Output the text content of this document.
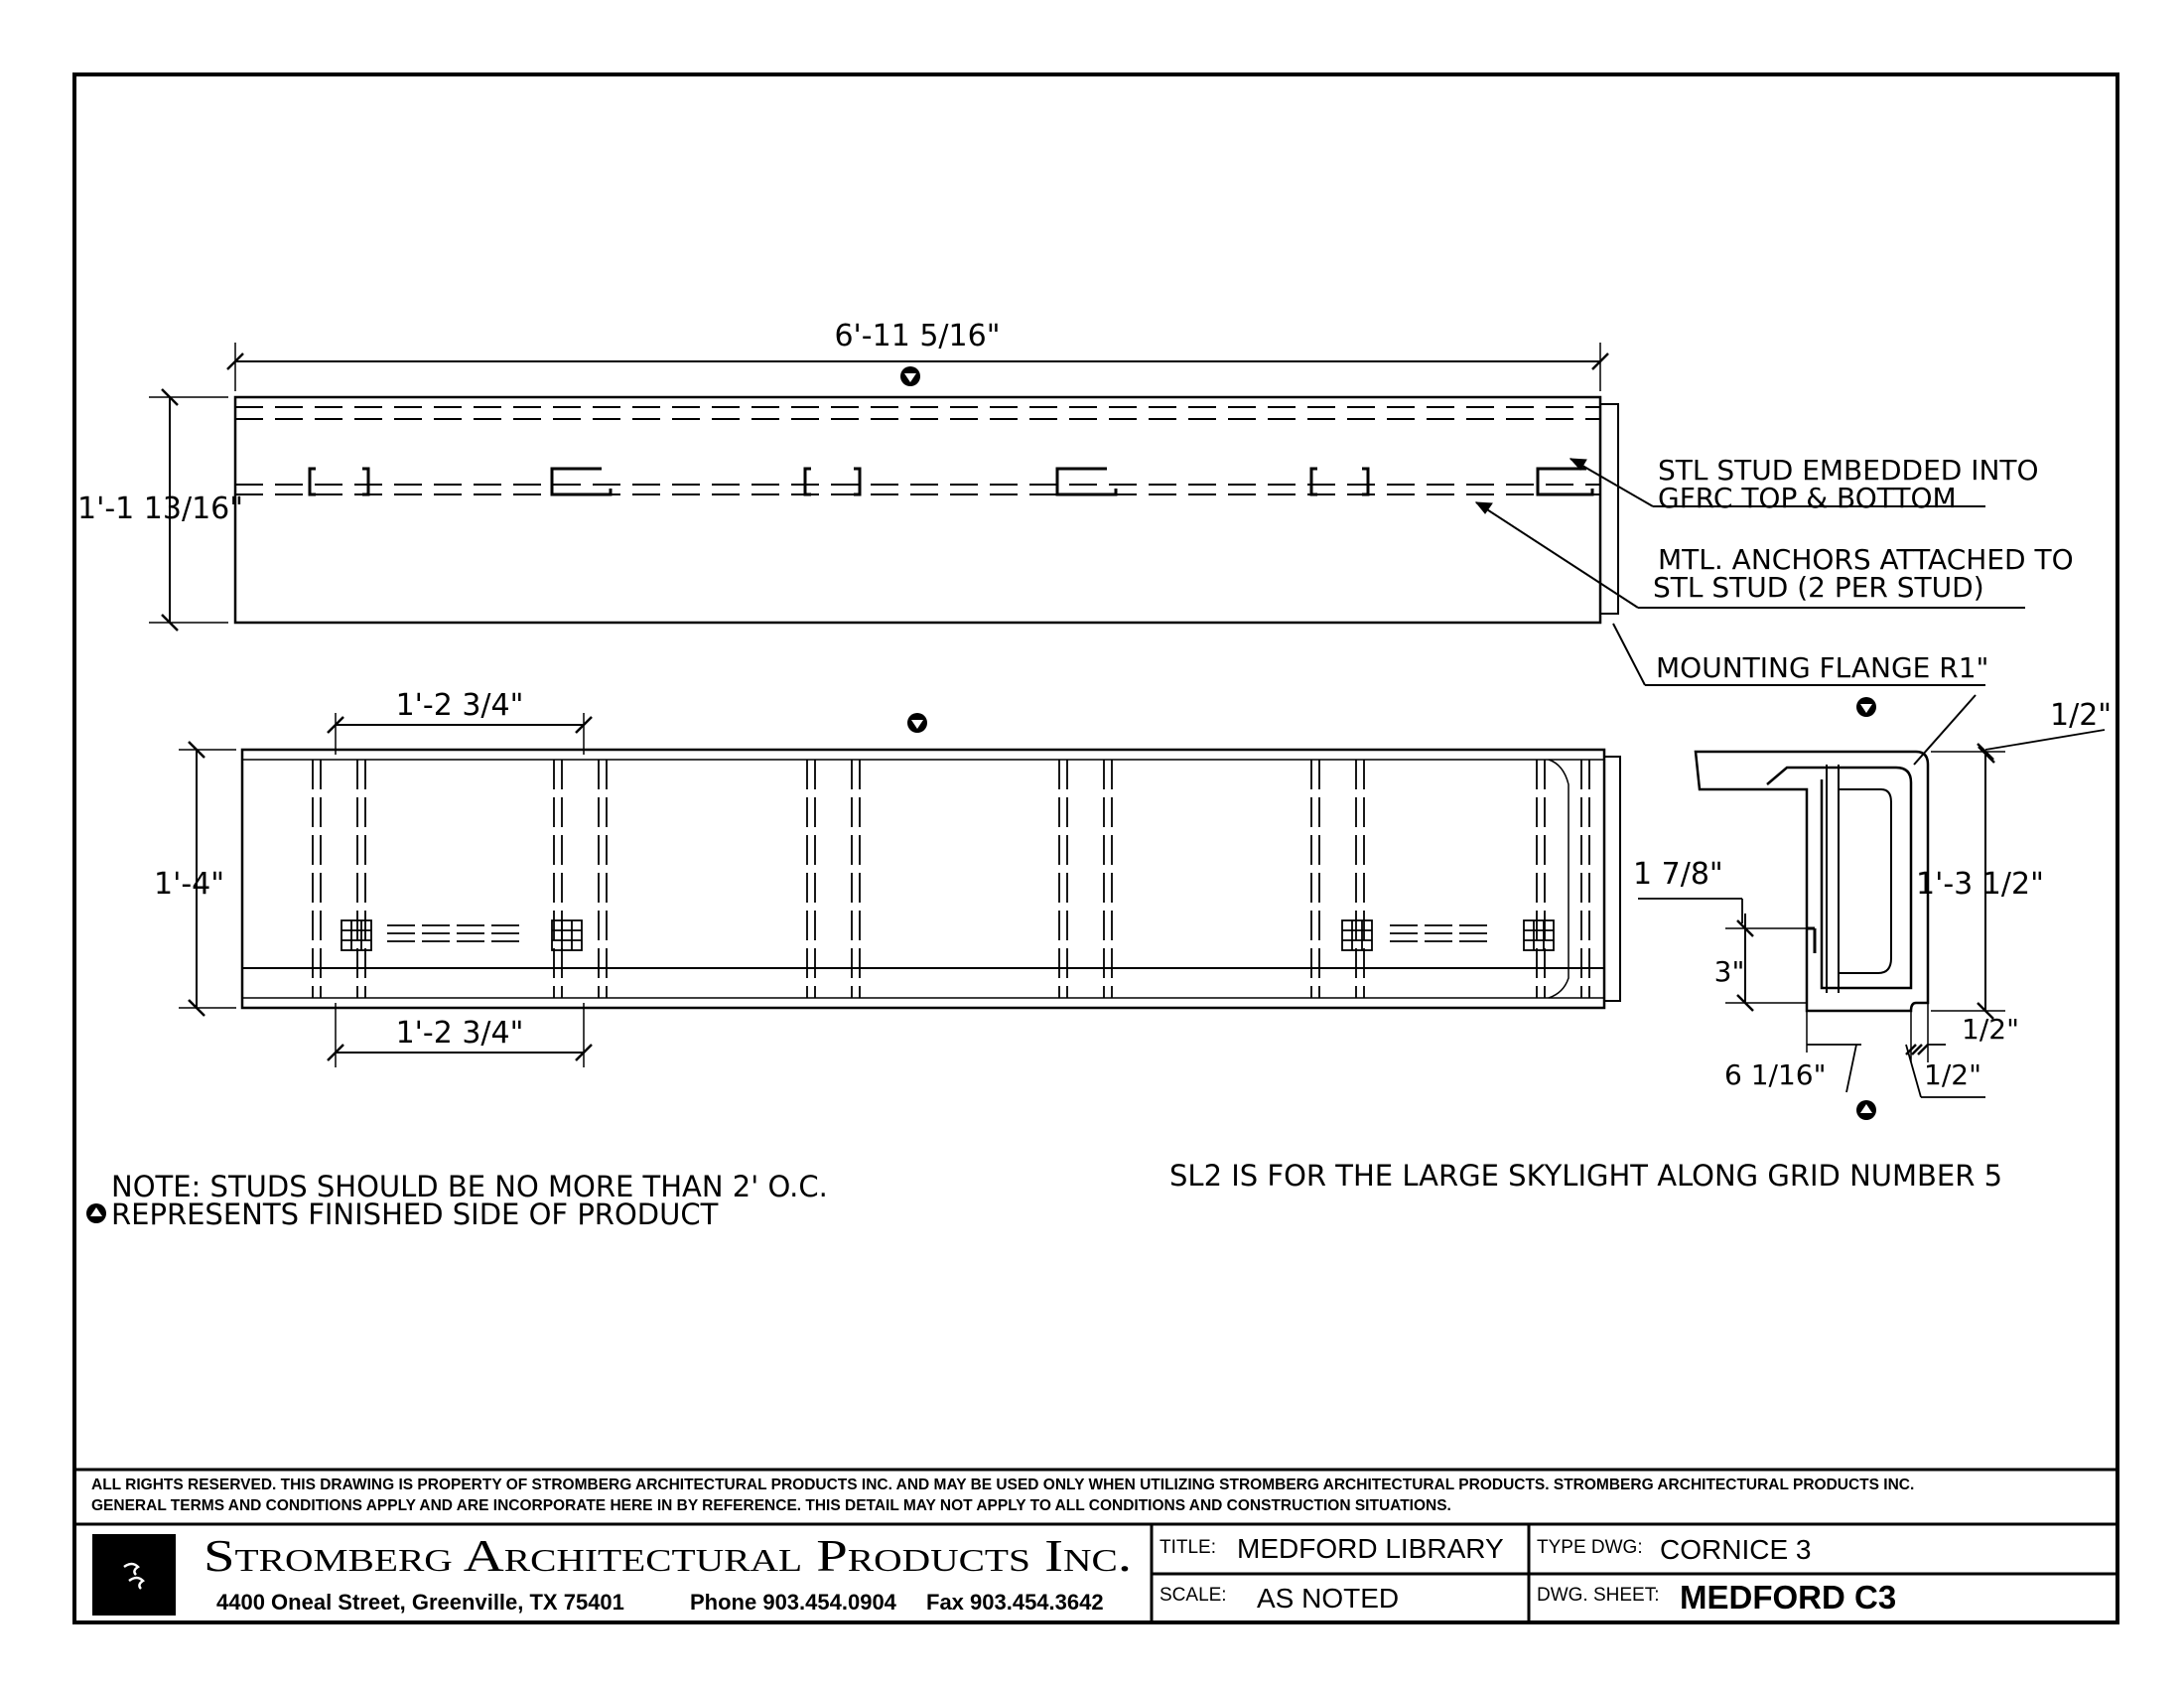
6'-11 5/16"
1'-1 13/16"
STL STUD EMBEDDED INTO
GFRC TOP & BOTTOM
MTL. ANCHORS ATTACHED TO
STL STUD (2 PER STUD)
MOUNTING FLANGE R1"
1'-2 3/4"
1'-2 3/4"
1'-4"
1/2"
1'-3 1/2"
1/2"
1/2"
1 7/8"
3"
6 1/16"
NOTE: STUDS SHOULD BE NO MORE THAN 2' O.C.
REPRESENTS FINISHED SIDE OF PRODUCT
SL2 IS FOR THE LARGE SKYLIGHT ALONG GRID NUMBER 5
ALL RIGHTS RESERVED. THIS DRAWING IS PROPERTY OF STROMBERG ARCHITECTURAL PRODUCTS INC. AND MAY BE USED ONLY WHEN UTILIZING STROMBERG ARCHITECTURAL PRODUCTS. STROMBERG ARCHITECTURAL PRODUCTS INC.
GENERAL TERMS AND CONDITIONS APPLY AND ARE INCORPORATE HERE IN BY REFERENCE. THIS DETAIL MAY NOT APPLY TO ALL CONDITIONS AND CONSTRUCTION SITUATIONS.
Stromberg Architectural Products Inc.
4400 Oneal Street, Greenville, TX 75401	Phone 903.454.0904 Fax 903.454.3642
TITLE: MEDFORD LIBRARY TYPE DWG: CORNICE 3
SCALE: AS NOTED	DWG. SHEET: MEDFORD C3
